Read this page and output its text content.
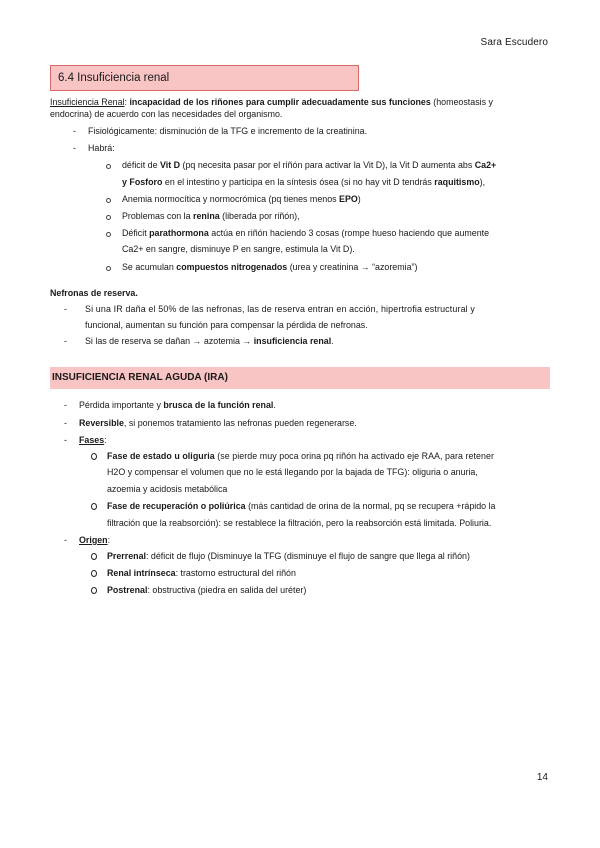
Sara Escudero
6.4 Insuficiencia renal
Insuficiencia Renal: incapacidad de los riñones para cumplir adecuadamente sus funciones (homeostasis y
endocrina) de acuerdo con las necesidades del organismo.
- Fisiológicamente: disminución de la TFG e incremento de la creatinina.
- Habrá:
déficit de Vit D (pq necesita pasar por el riñón para activar la Vit D), la Vit D aumenta abs Ca2+
y Fosforo en el intestino y participa en la síntesis ósea (si no hay vit D tendrás raquitismo),
Anemia normocítica y normocrómica (pq tienes menos EPO)
Problemas con la renina (liberada por riñón),
Déficit parathormona actúa en riñón haciendo 3 cosas (rompe hueso haciendo que aumente
Ca2+ en sangre, disminuye P en sangre, estimula la Vit D).
Se acumulan compuestos nitrogenados (urea y creatinina → “azoremia”)
Nefronas de reserva.
- Si una IR daña el 50% de las nefronas, las de reserva entran en acción, hipertrofia estructural y
funcional, aumentan su función para compensar la pérdida de nefronas.
- Si las de reserva se dañan → azotemia → insuficiencia renal.
INSUFICIENCIA RENAL AGUDA (IRA)
- Pérdida importante y brusca de la función renal.
- Reversible, si ponemos tratamiento las nefronas pueden regenerarse.
- Fases:
Fase de estado u oliguria (se pierde muy poca orina pq riñón ha activado eje RAA, para retener
H2O y compensar el volumen que no le está llegando por la bajada de TFG): oliguria o anuria,
azoemia y acidosis metabólica
Fase de recuperación o poliúrica (más cantidad de orina de la normal, pq se recupera +rápido la
filtración que la reabsorción): se restablece la filtración, pero la reabsorción está limitada. Poliuria.
- Origen:
Prerrenal: déficit de flujo (Disminuye la TFG (disminuye el flujo de sangre que llega al riñón)
Renal intrínseca: trastorno estructural del riñón
Postrenal: obstructiva (piedra en salida del uréter)
14
